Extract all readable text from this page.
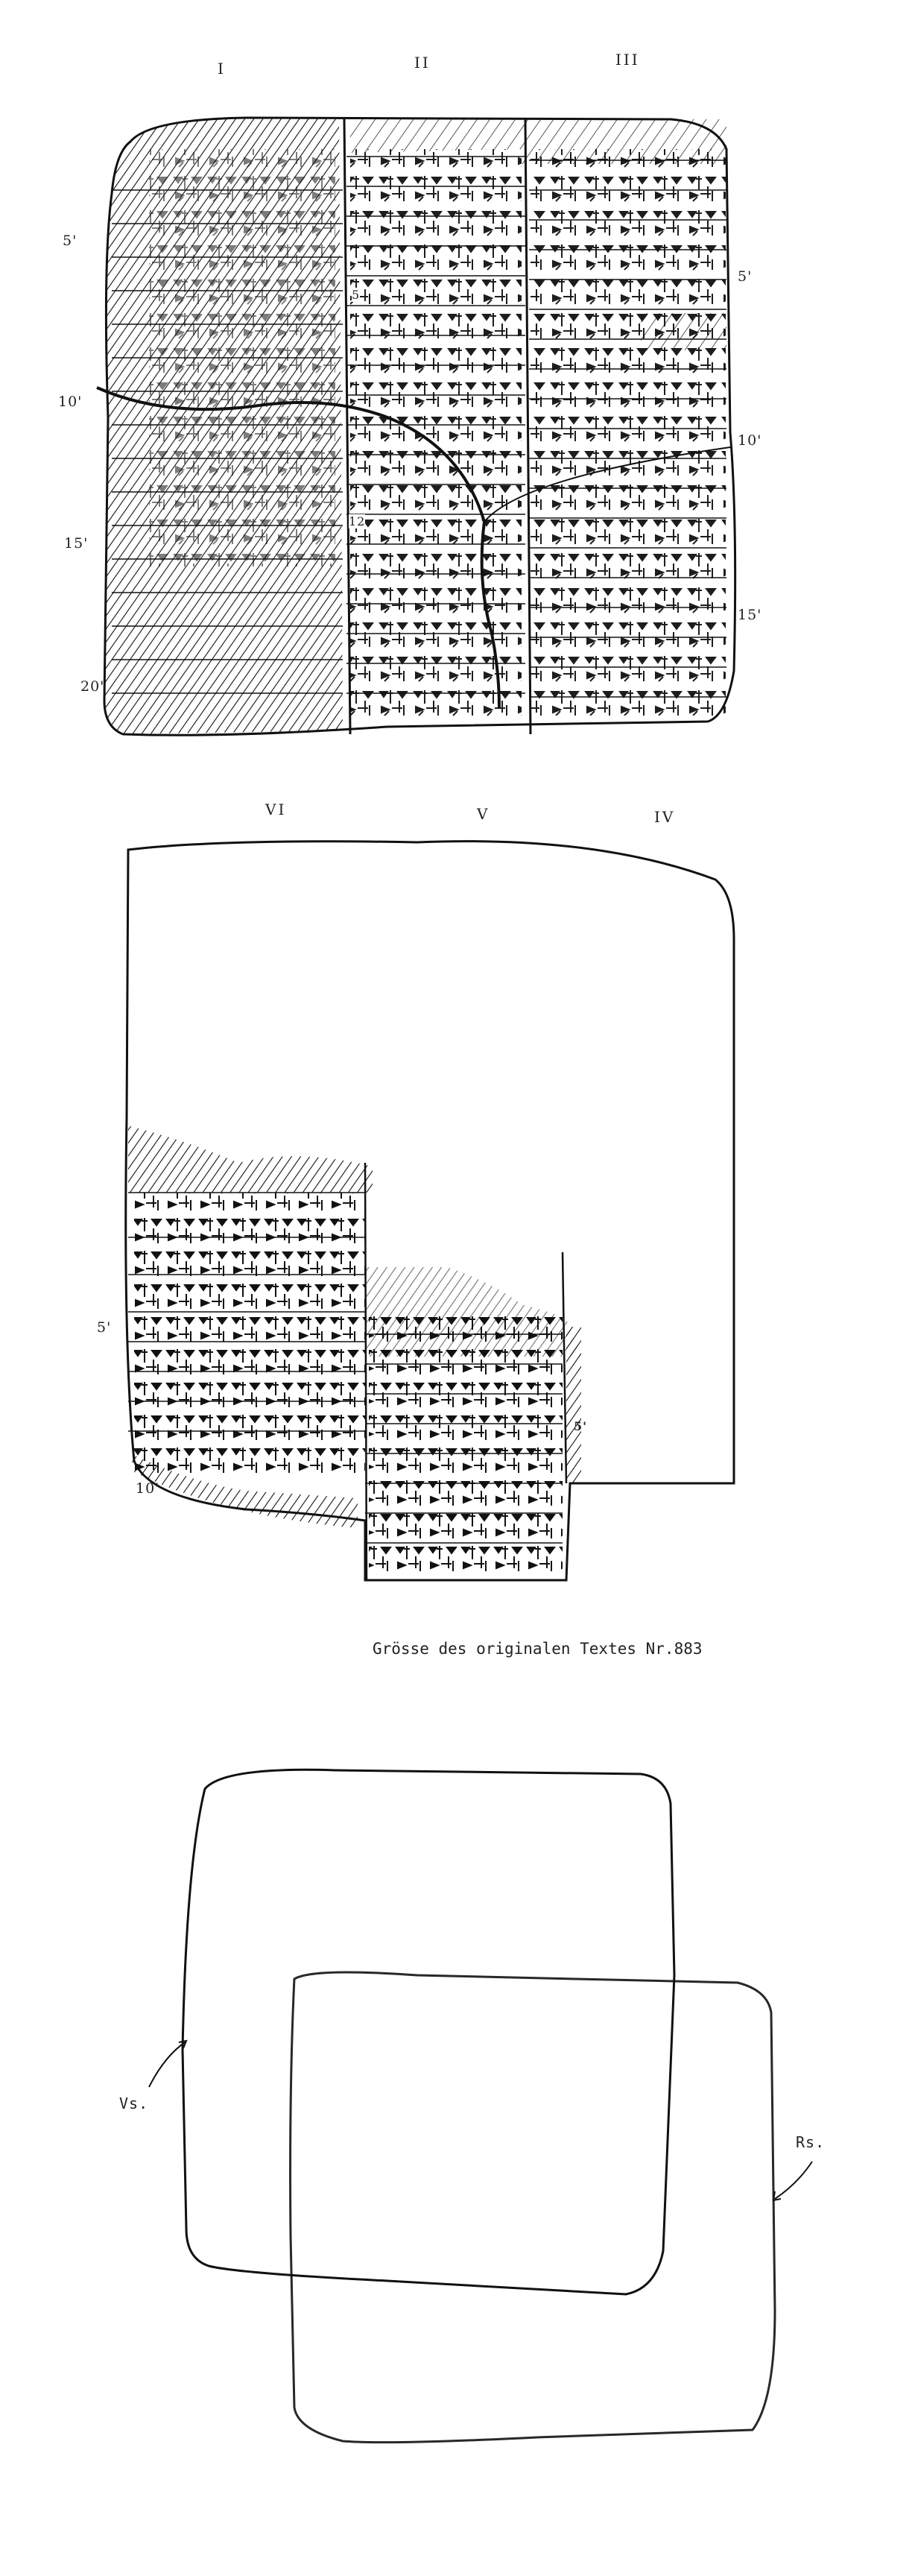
I	II	III
5'
10'
15'
20'
5'
10'
15'
5
12
VI	V	IV
5'
10'
5'
Grösse des originalen Textes Nr.883
Vs.
Rs.
